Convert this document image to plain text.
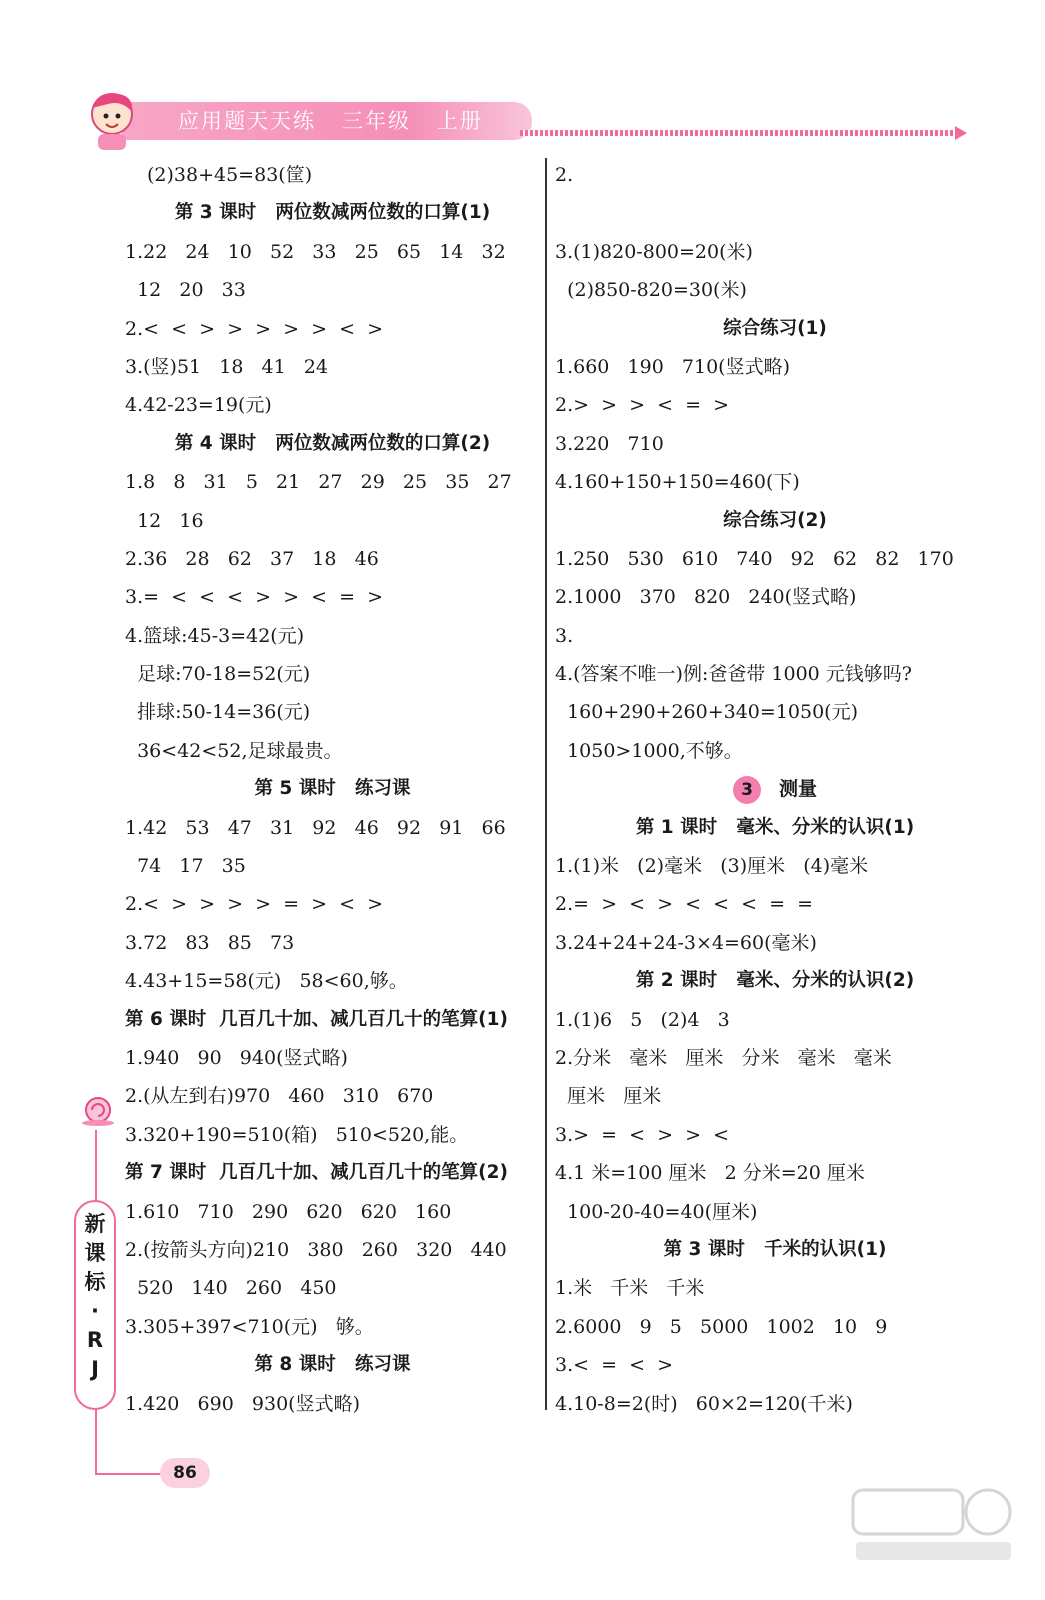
应用题天天练   三年级   上册
(2)38+45=83(筐)
第 3 课时   两位数减两位数的口算(1)
1.22   24   10   52   33   25   65   14   32
12   20   33
2.<  <  >  >  >  >  >  <  >
3.(竖)51   18   41   24
4.42-23=19(元)
第 4 课时   两位数减两位数的口算(2)
1.8   8   31   5   21   27   29   25   35   27
12   16
2.36   28   62   37   18   46
3.=  <  <  <  >  >  <  =  >
4.篮球:45-3=42(元)
足球:70-18=52(元)
排球:50-14=36(元)
36<42<52,足球最贵。
第 5 课时   练习课
1.42   53   47   31   92   46   92   91   66
74   17   35
2.<  >  >  >  >  =  >  <  >
3.72   83   85   73
4.43+15=58(元)   58<60,够。
第 6 课时  几百几十加、减几百几十的笔算(1)
1.940   90   940(竖式略)
2.(从左到右)970   460   310   670
3.320+190=510(箱)   510<520,能。
第 7 课时  几百几十加、减几百几十的笔算(2)
1.610   710   290   620   620   160
2.(按箭头方向)210   380   260   320   440
520   140   260   450
3.305+397<710(元)   够。
第 8 课时   练习课
1.420   690   930(竖式略)
2.
3.(1)820-800=20(米)
(2)850-820=30(米)
综合练习(1)
1.660   190   710(竖式略)
2.>  >  >  <  =  >
3.220   710
4.160+150+150=460(下)
综合练习(2)
1.250   530   610   740   92   62   82   170
2.1000   370   820   240(竖式略)
3.
4.(答案不唯一)例:爸爸带 1000 元钱够吗?
160+290+260+340=1050(元)
1050>1000,不够。
3 测量
第 1 课时   毫米、分米的认识(1)
1.(1)米   (2)毫米   (3)厘米   (4)毫米
2.=  >  <  >  <  <  <  =  =
3.24+24+24-3×4=60(毫米)
第 2 课时   毫米、分米的认识(2)
1.(1)6   5   (2)4   3
2.分米   毫米   厘米   分米   毫米   毫米
厘米   厘米
3.>  =  <  >  >  <
4.1 米=100 厘米   2 分米=20 厘米
100-20-40=40(厘米)
第 3 课时   千米的认识(1)
1.米   千米   千米
2.6000   9   5   5000   1002   10   9
3.<  =  <  >
4.10-8=2(时)   60×2=120(千米)
新
课
标
·
R
J
86
